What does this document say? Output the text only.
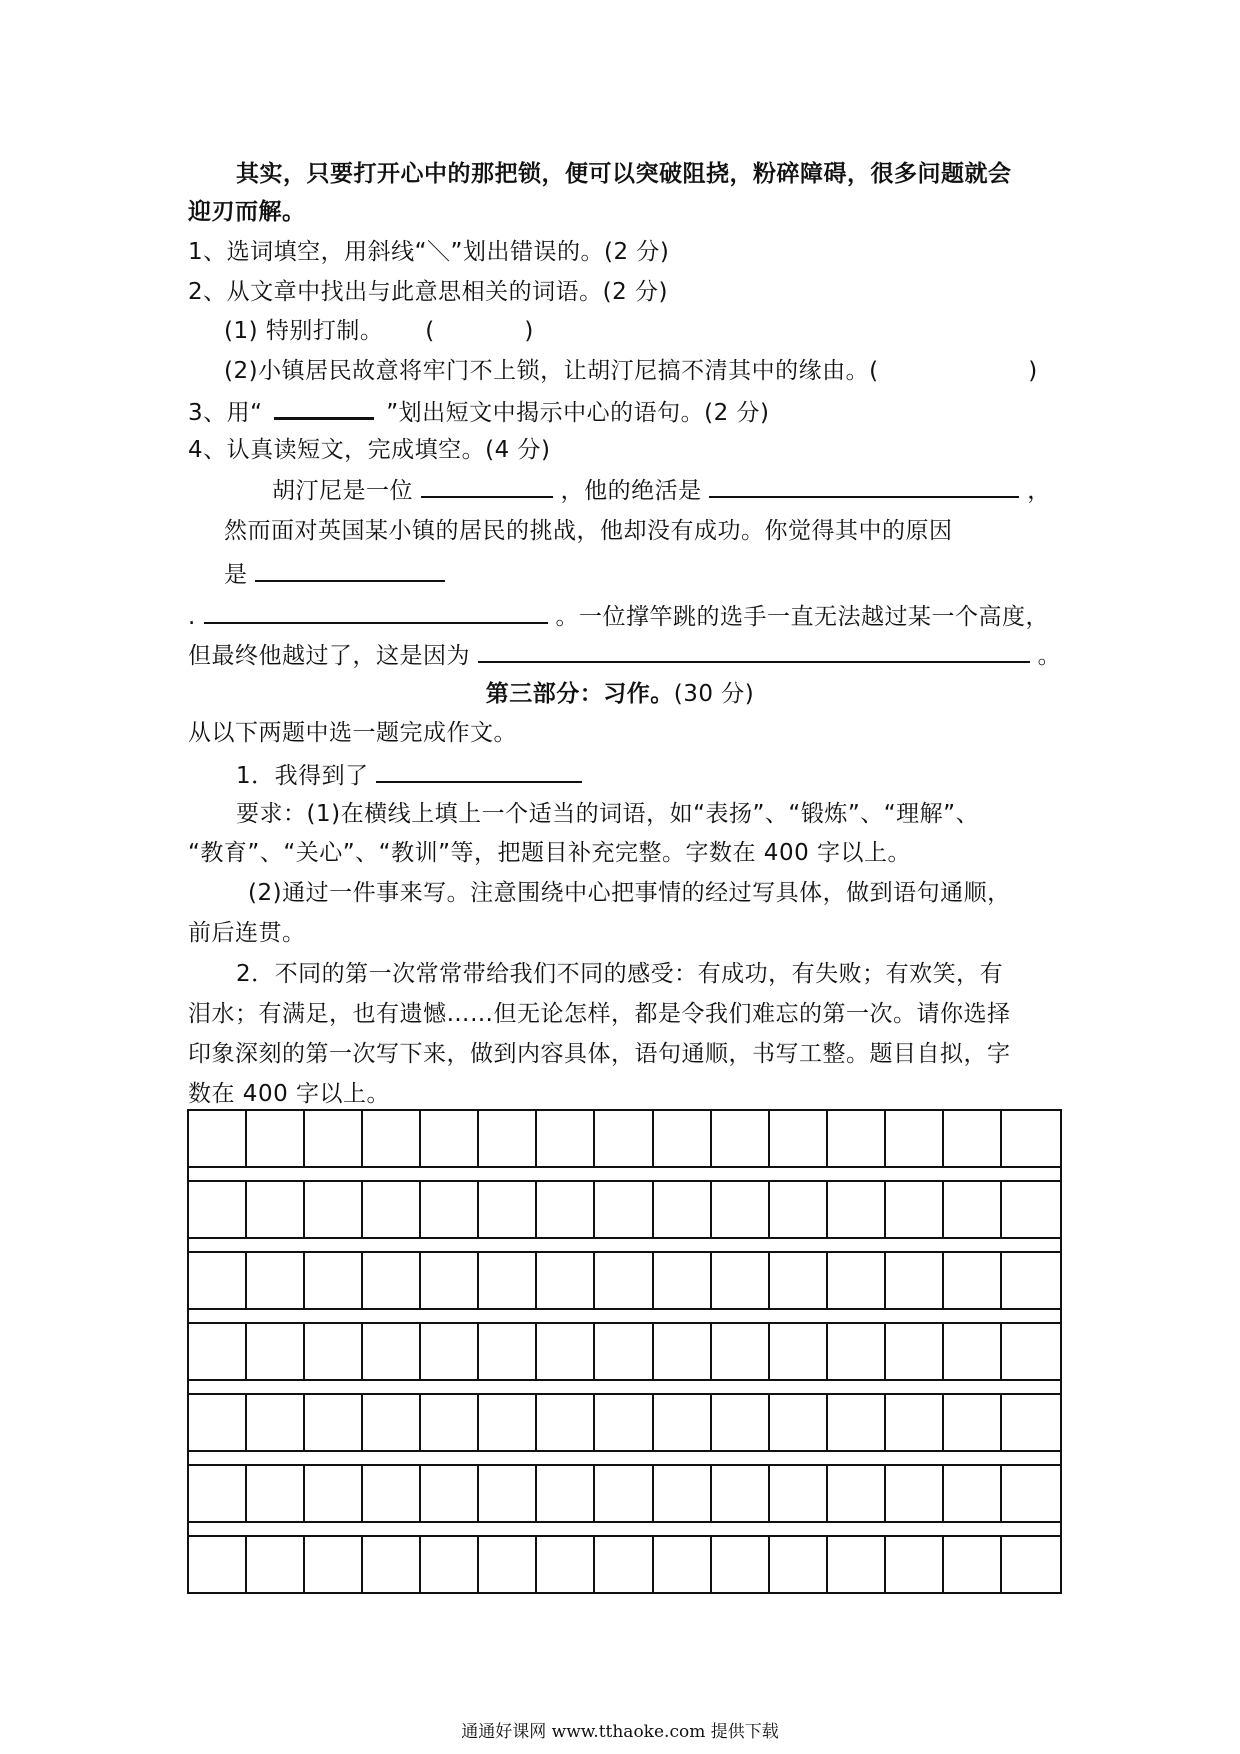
其实，只要打开心中的那把锁，便可以突破阻挠，粉碎障碍，很多问题就会
迎刃而解。
1、选词填空，用斜线“＼”划出错误的。(2 分)
2、从文章中找出与此意思相关的词语。(2 分)
(1) 特别打制。 (	)
(2)小镇居民故意将牢门不上锁，让胡汀尼搞不清其中的缘由。(	)
3、用“	”划出短文中揭示中心的语句。(2 分)
4、认真读短文，完成填空。(4 分)
胡汀尼是一位	，他的绝活是	，
然而面对英国某小镇的居民的挑战，他却没有成功。你觉得其中的原因
是
.	。一位撑竿跳的选手一直无法越过某一个高度，
但最终他越过了，这是因为	。
第三部分：习作。(30 分)
从以下两题中选一题完成作文。
1．我得到了
要求：(1)在横线上填上一个适当的词语，如“表扬”、“锻炼”、“理解”、
“教育”、“关心”、“教训”等，把题目补充完整。字数在 400 字以上。
(2)通过一件事来写。注意围绕中心把事情的经过写具体，做到语句通顺，
前后连贯。
2．不同的第一次常常带给我们不同的感受：有成功，有失败；有欢笑，有
泪水；有满足，也有遗憾……但无论怎样，都是令我们难忘的第一次。请你选择
印象深刻的第一次写下来，做到内容具体，语句通顺，书写工整。题目自拟，字
数在 400 字以上。
通通好课网 www.tthaoke.com 提供下载
